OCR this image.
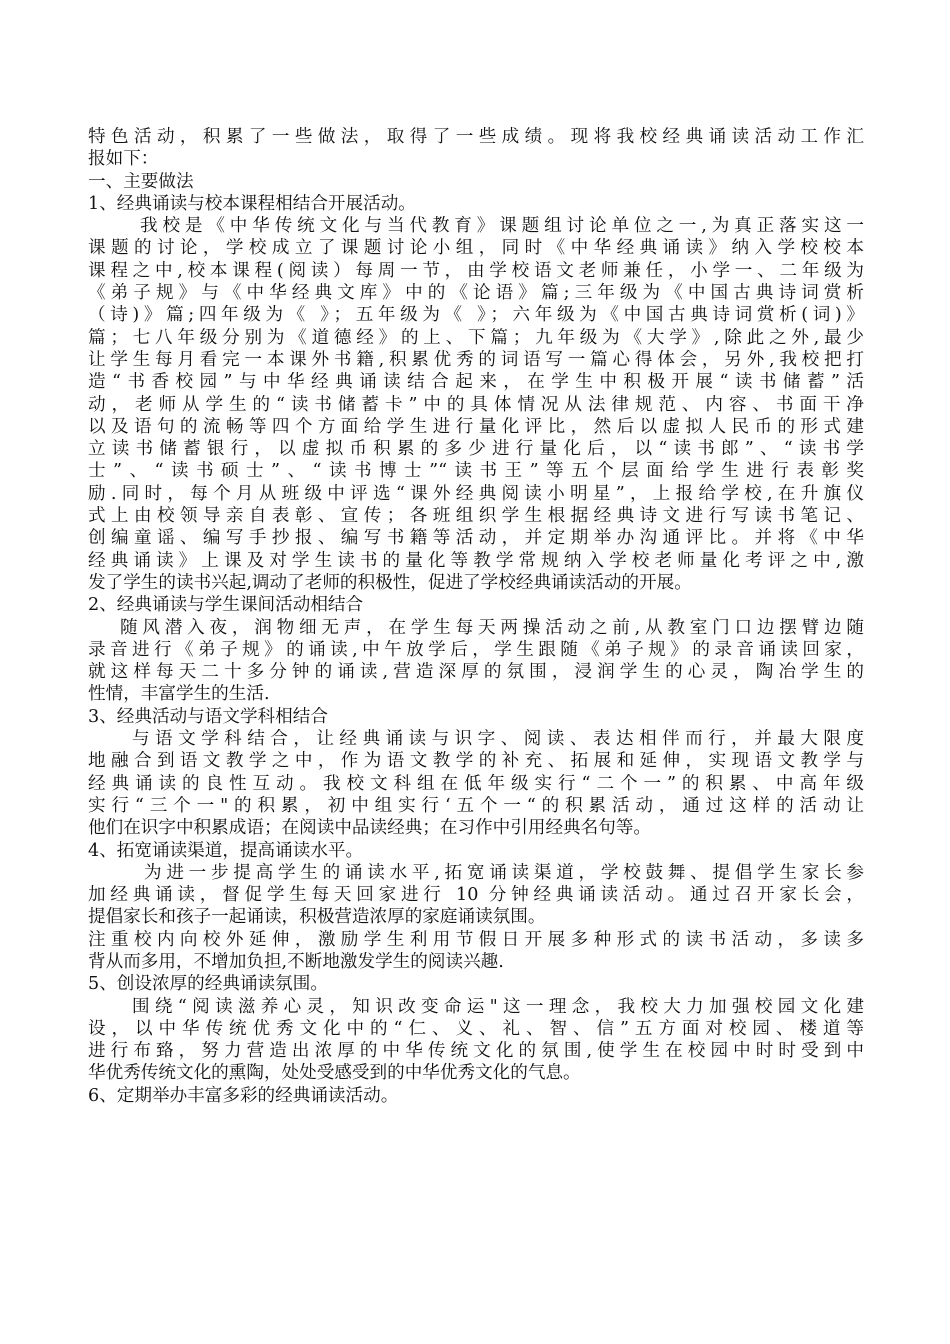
特色活动，积累了一些做法，取得了一些成绩。现将我校经典诵读活动工作汇
报如下：
一、主要做法
1、经典诵读与校本课程相结合开展活动。
我校是《中华传统文化与当代教育》课题组讨论单位之一,为真正落实这一
课题的讨论，学校成立了课题讨论小组，同时《中华经典诵读》纳入学校校本
课程之中,校本课程(阅读）每周一节，由学校语文老师兼任，小学一、二年级为
《弟子规》与《中华经典文库》中的《论语》篇;三年级为《中国古典诗词赏析
（诗)》篇;四年级为《 》；五年级为《 》；六年级为《中国古典诗词赏析(词)》
篇；七八年级分别为《道德经》的上、下篇；九年级为《大学》,除此之外,最少
让学生每月看完一本课外书籍,积累优秀的词语写一篇心得体会，另外,我校把打
造“书香校园”与中华经典诵读结合起来，在学生中积极开展“读书储蓄”活
动，老师从学生的“读书储蓄卡”中的具体情况从法律规范、内容、书面干净
以及语句的流畅等四个方面给学生进行量化评比，然后以虚拟人民币的形式建
立读书储蓄银行，以虚拟币积累的多少进行量化后，以“读书郎”、“读书学
士”、“读书硕士”、“读书博士”“读书王”等五个层面给学生进行表彰奖
励.同时，每个月从班级中评选“课外经典阅读小明星”，上报给学校,在升旗仪
式上由校领导亲自表彰、宣传；各班组织学生根据经典诗文进行写读书笔记、
创编童谣、编写手抄报、编写书籍等活动，并定期举办沟通评比。并将《中华
经典诵读》上课及对学生读书的量化等教学常规纳入学校老师量化考评之中,激
发了学生的读书兴起,调动了老师的积极性，促进了学校经典诵读活动的开展。
2、经典诵读与学生课间活动相结合
随风潜入夜，润物细无声，在学生每天两操活动之前,从教室门口边摆臂边随
录音进行《弟子规》的诵读,中午放学后，学生跟随《弟子规》的录音诵读回家，
就这样每天二十多分钟的诵读,营造深厚的氛围，浸润学生的心灵，陶冶学生的
性情，丰富学生的生活.
3、经典活动与语文学科相结合
与语文学科结合，让经典诵读与识字、阅读、表达相伴而行，并最大限度
地融合到语文教学之中，作为语文教学的补充、拓展和延伸，实现语文教学与
经典诵读的良性互动。我校文科组在低年级实行“二个一”的积累、中高年级
实行“三个一"的积累，初中组实行‘五个一“的积累活动，通过这样的活动让
他们在识字中积累成语；在阅读中品读经典；在习作中引用经典名句等。
4、拓宽诵读渠道，提高诵读水平。
为进一步提高学生的诵读水平,拓宽诵读渠道，学校鼓舞、提倡学生家长参
加经典诵读，督促学生每天回家进行 10 分钟经典诵读活动。通过召开家长会，
提倡家长和孩子一起诵读，积极营造浓厚的家庭诵读氛围。
注重校内向校外延伸，激励学生利用节假日开展多种形式的读书活动，多读多
背从而多用，不增加负担,不断地激发学生的阅读兴趣.
5、创设浓厚的经典诵读氛围。
围绕“阅读滋养心灵，知识改变命运"这一理念，我校大力加强校园文化建
设，以中华传统优秀文化中的“仁、义、礼、智、信”五方面对校园、楼道等
进行布臵，努力营造出浓厚的中华传统文化的氛围,使学生在校园中时时受到中
华优秀传统文化的熏陶，处处受感受到的中华优秀文化的气息。
6、定期举办丰富多彩的经典诵读活动。
